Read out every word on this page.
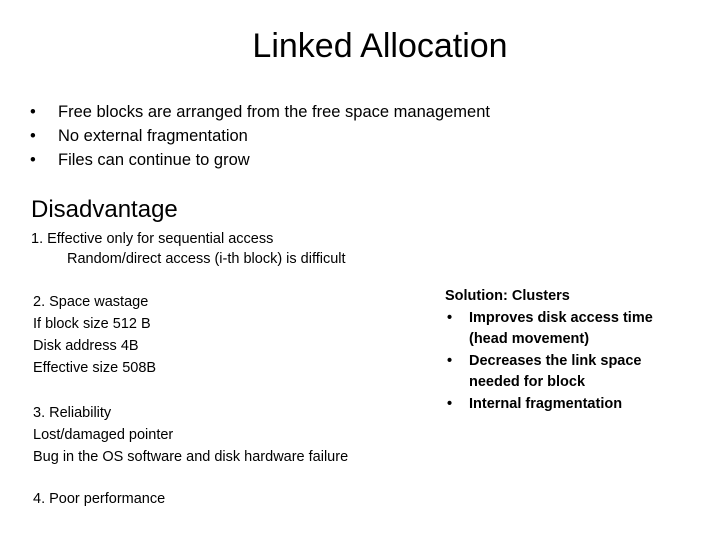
Linked Allocation
• Free blocks are arranged from the free space management
• No external fragmentation
• Files can continue to grow
Disadvantage
1. Effective only for sequential access
Random/direct access (i-th block) is difficult
2. Space wastage
If block size 512 B
Disk address 4B
Effective size 508B
3. Reliability
Lost/damaged pointer
Bug in the OS software and disk hardware failure
4. Poor performance
Solution: Clusters
• Improves disk access time
(head movement)
• Decreases the link space
needed for block
• Internal fragmentation
